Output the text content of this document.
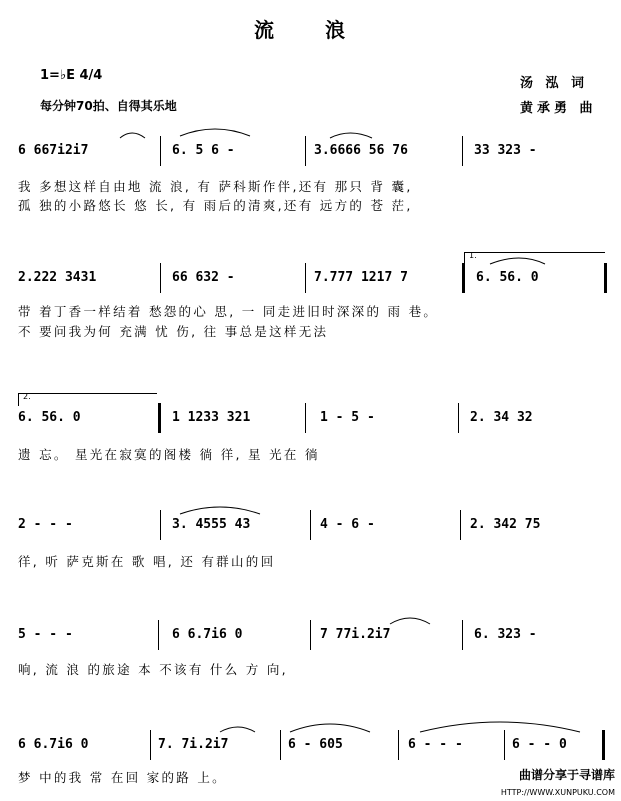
流 浪
1=♭E 4/4
每分钟70拍、自得其乐地
汤 泓 词
黄承勇 曲
6 667i2i7	6. 5 6 -	3.6666 56 76	33 323 -
我 多想这样自由地 流 浪, 有 萨科斯作伴,还有 那只 背 囊,
孤 独的小路悠长 悠 长, 有 雨后的清爽,还有 远方的 苍 茫,
1.
2.222 3431	66 632 -	7.777 1217 7	6. 56. 0
带 着丁香一样结着 愁怨的心 思, 一 同走进旧时深深的 雨 巷。
不 要问我为何 充满 忧 伤, 往 事总是这样无法
2.
6. 56. 0	1 1233 321	1 - 5 -	2. 34 32
遗 忘。 星光在寂寞的阁楼 徜 徉, 星 光在 徜
2 - - -	3. 4555 43	4 - 6 -	2. 342 75
徉, 听 萨克斯在 歌 唱, 还 有群山的回
5 - - -	6 6.7i6 0	7 77i.2i7	6. 323 -
响, 流 浪 的旅途 本 不该有 什么 方 向,
6 6.7i6 0	7. 7i.2i7	6 - 605	6 - - -	6 - - 0
梦 中的我 常 在回 家的路 上。	曲谱分享于寻谱库
HTTP://WWW.XUNPUKU.COM
